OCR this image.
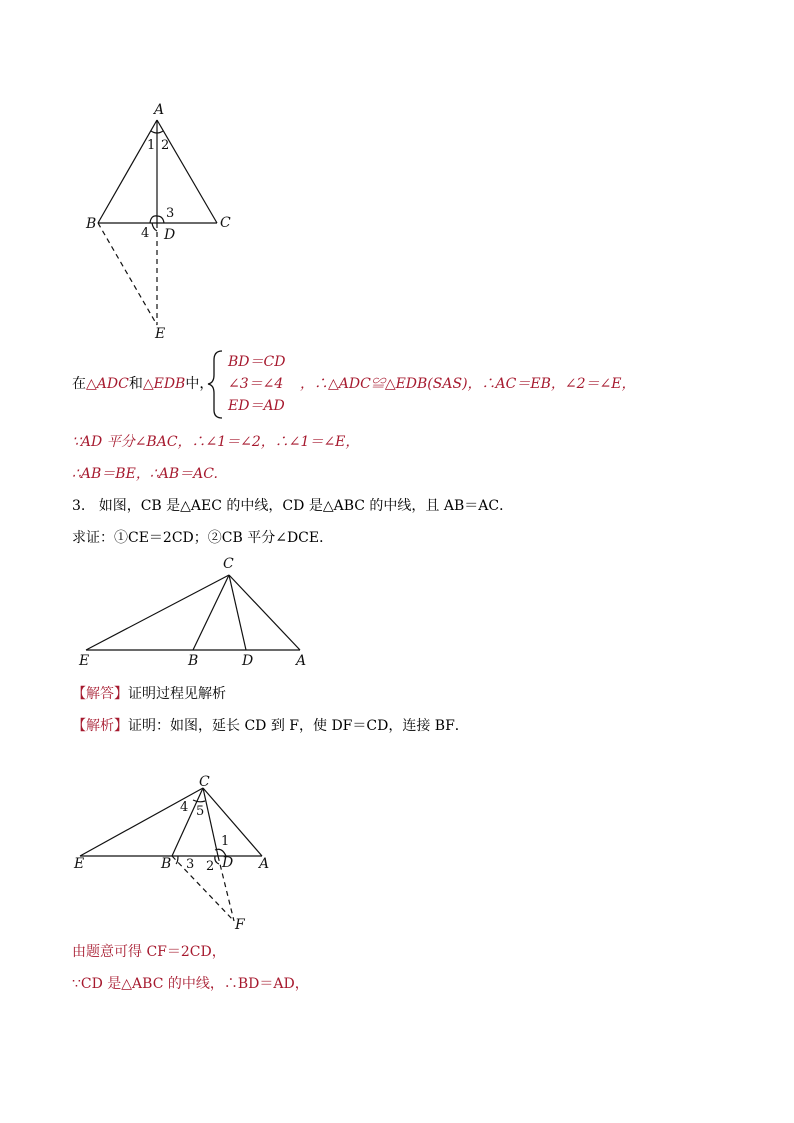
A
1 2
B	C
3
4 D
E
在△ADC和△EDB中，
BD＝CD
∠3＝∠4
ED＝AD
，∴△ADC≌△EDB(SAS)，∴AC＝EB，∠2＝∠E，
∵AD 平分∠BAC，∴∠1＝∠2，∴∠1＝∠E，
∴AB＝BE，∴AB＝AC.
3. 如图，CB 是△AEC 的中线，CD 是△ABC 的中线，且 AB＝AC．
求证：①CE＝2CD；②CB 平分∠DCE．
C
E	B	D	A
【解答】证明过程见解析
【解析】证明：如图，延长 CD 到 F，使 DF＝CD，连接 BF．
C
4 5
1
E	B 3 2 D A
F
由题意可得 CF＝2CD，
∵CD 是△ABC 的中线，∴BD＝AD，
